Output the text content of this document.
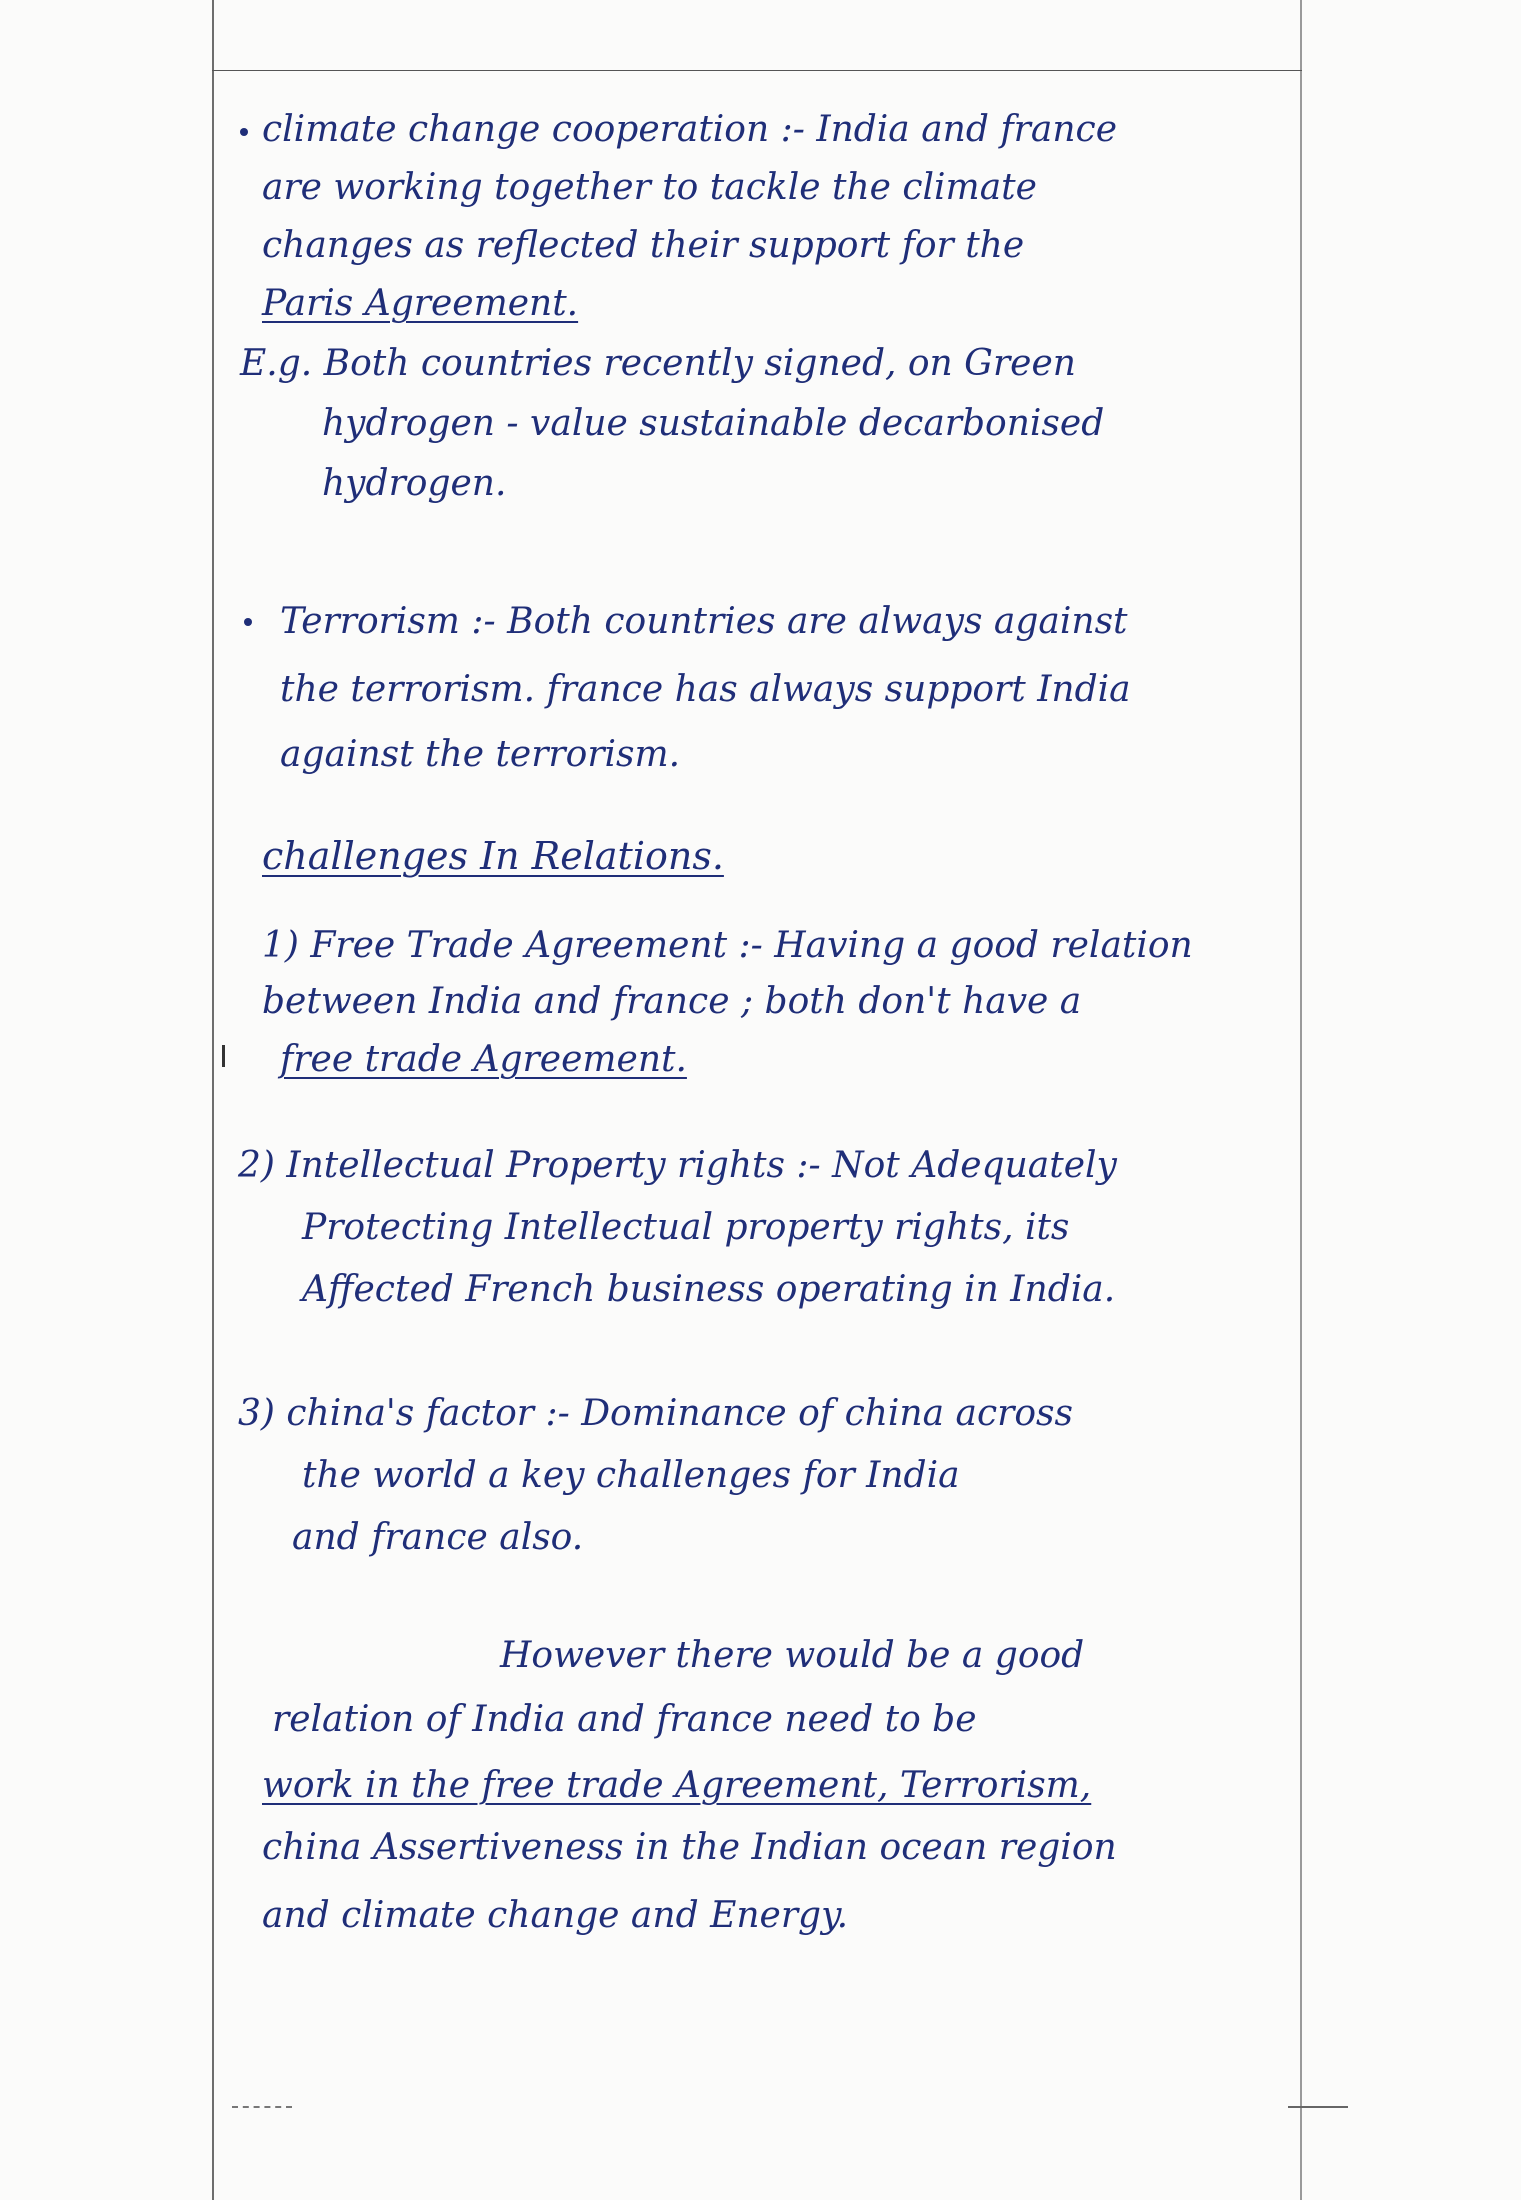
climate change cooperation :- India and france
are working together to tackle the climate
changes as reflected their support for the
Paris Agreement.
E.g. Both countries recently signed, on Green
hydrogen - value sustainable decarbonised
hydrogen.
Terrorism :- Both countries are always against
the terrorism. france has always support India
against the terrorism.
challenges In Relations.
1) Free Trade Agreement :- Having a good relation
between India and france ; both don't have a
free trade Agreement.
2) Intellectual Property rights :- Not Adequately
Protecting Intellectual property rights, its
Affected French business operating in India.
3) china's factor :- Dominance of china across
the world a key challenges for India
and france also.
However there would be a good
relation of India and france need to be
work in the free trade Agreement, Terrorism,
china Assertiveness in the Indian ocean region
and climate change and Energy.
